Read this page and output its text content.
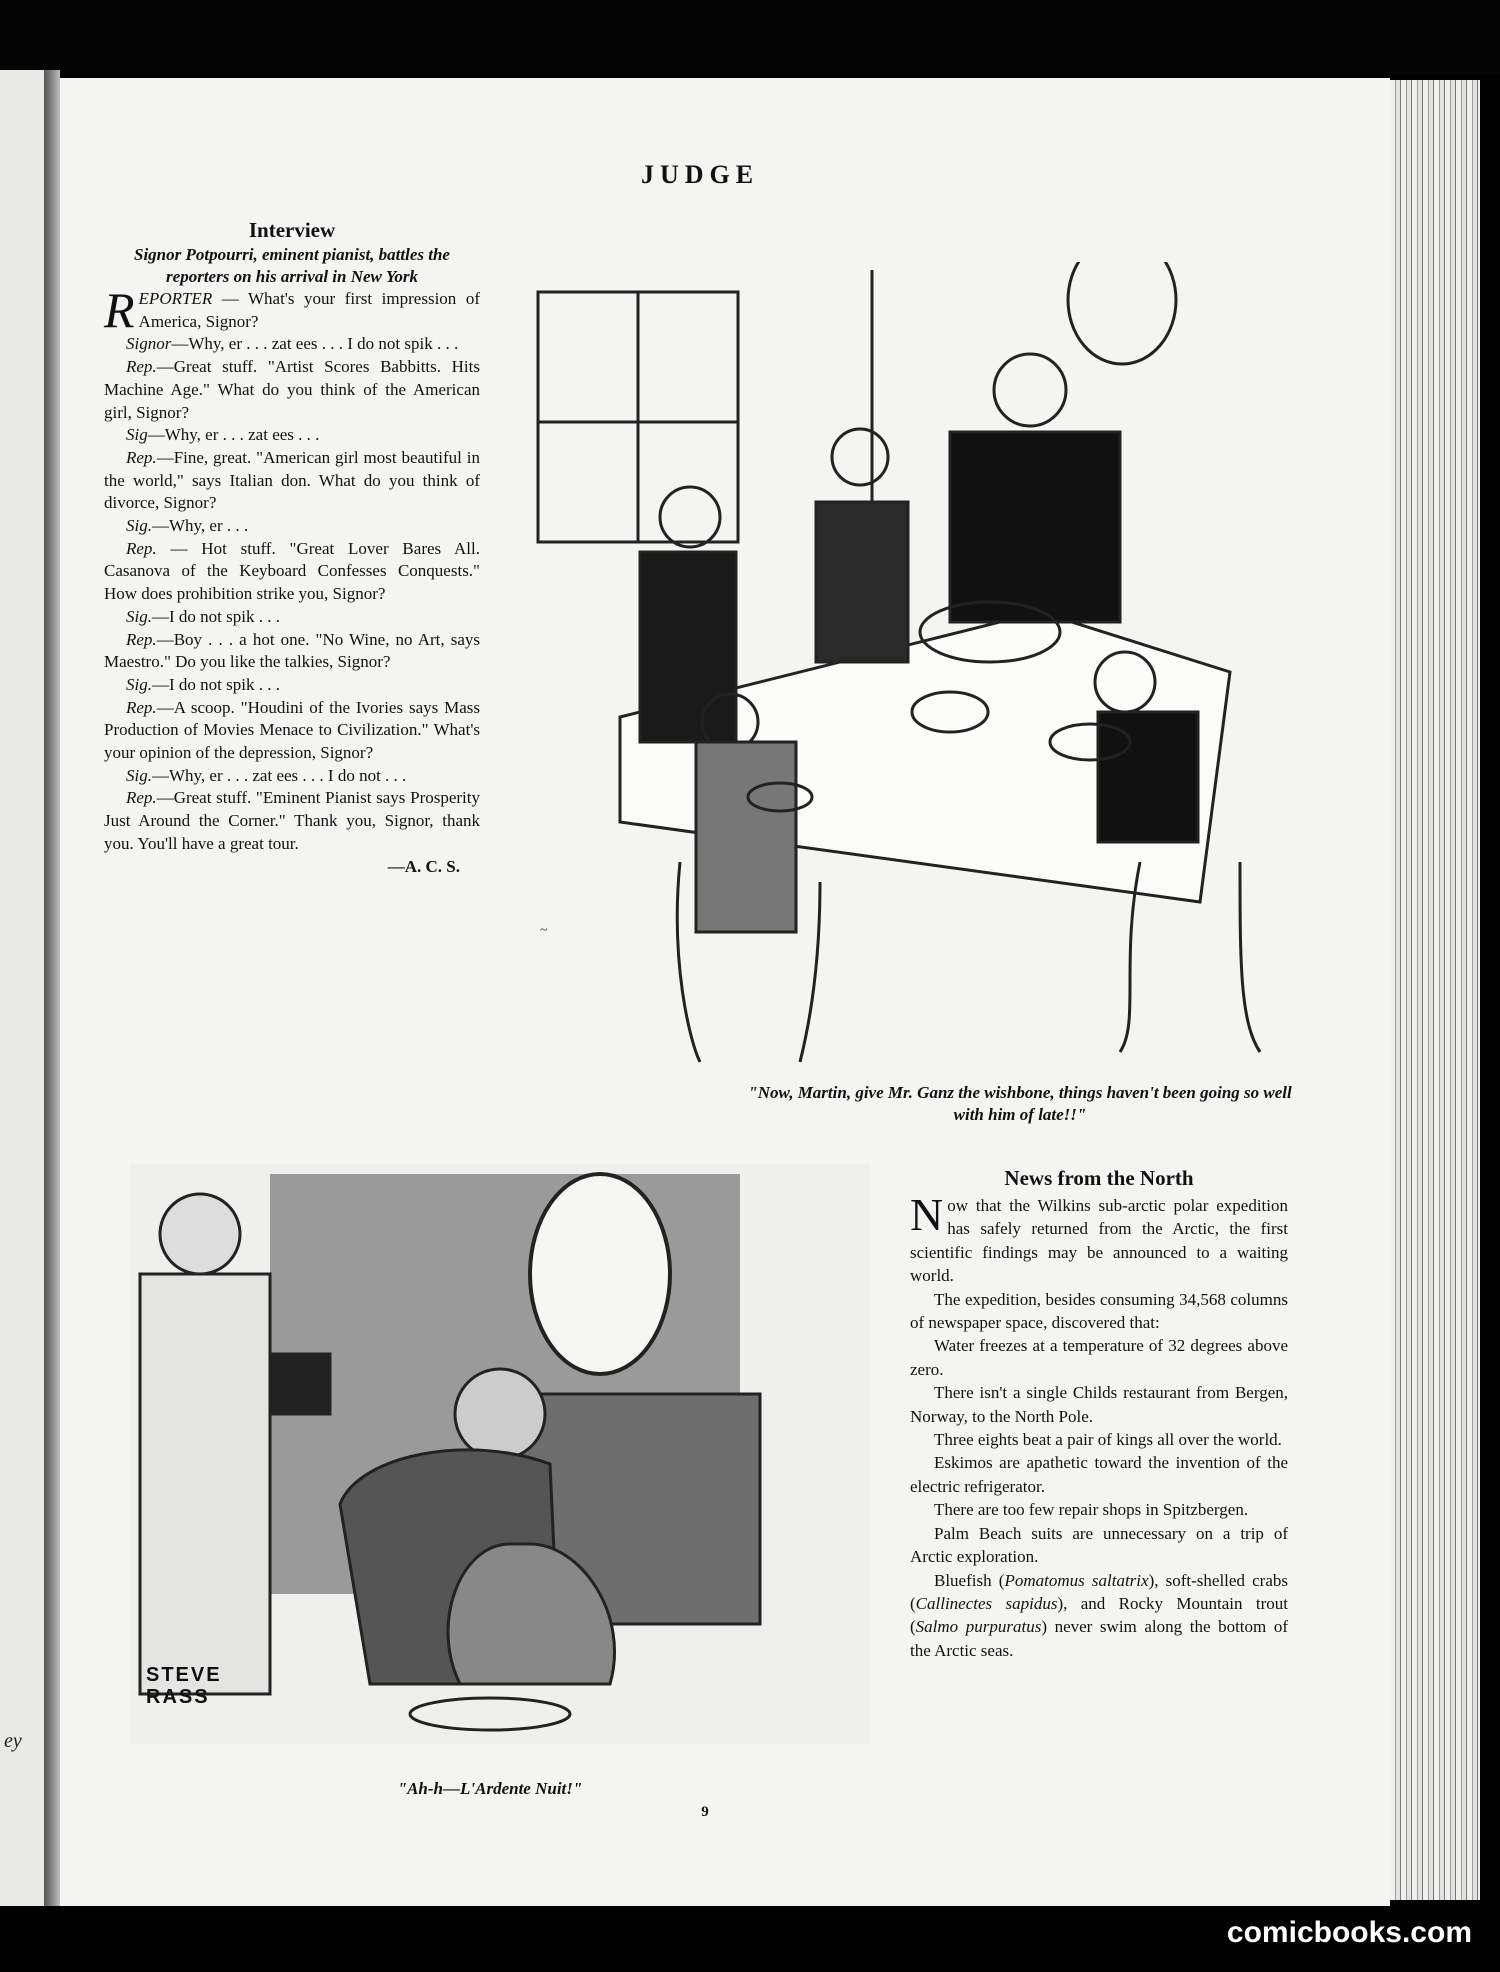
ey
JUDGE
Interview
Signor Potpourri, eminent pianist, battles the reporters on his arrival in New York

REPORTER — What's your first impression of America, Signor?

Signor—Why, er . . . zat ees . . . I do not spik . . .

Rep.—Great stuff. "Artist Scores Babbitts. Hits Machine Age." What do you think of the American girl, Signor?

Sig—Why, er . . . zat ees . . .

Rep.—Fine, great. "American girl most beautiful in the world," says Italian don. What do you think of divorce, Signor?

Sig.—Why, er . . .

Rep. — Hot stuff. "Great Lover Bares All. Casanova of the Keyboard Confesses Conquests." How does prohibition strike you, Signor?

Sig.—I do not spik . . .

Rep.—Boy . . . a hot one. "No Wine, no Art, says Maestro." Do you like the talkies, Signor?

Sig.—I do not spik . . .

Rep.—A scoop. "Houdini of the Ivories says Mass Production of Movies Menace to Civilization." What's your opinion of the depression, Signor?

Sig.—Why, er . . . zat ees . . . I do not . . .

Rep.—Great stuff. "Eminent Pianist says Prosperity Just Around the Corner." Thank you, Signor, thank you. You'll have a great tour.

—A. C. S.
~
"Now, Martin, give Mr. Ganz the wishbone, things haven't been going so well with him of late!!"
STEVE RASS
"Ah-h—L'Ardente Nuit!"
News from the North

Now that the Wilkins sub-arctic polar expedition has safely returned from the Arctic, the first scientific findings may be announced to a waiting world.

The expedition, besides consuming 34,568 columns of newspaper space, discovered that:

Water freezes at a temperature of 32 degrees above zero.

There isn't a single Childs restaurant from Bergen, Norway, to the North Pole.

Three eights beat a pair of kings all over the world.

Eskimos are apathetic toward the invention of the electric refrigerator.

There are too few repair shops in Spitzbergen.

Palm Beach suits are unnecessary on a trip of Arctic exploration.

Bluefish (Pomatomus saltatrix), soft-shelled crabs (Callinectes sapidus), and Rocky Mountain trout (Salmo purpuratus) never swim along the bottom of the Arctic seas.

9
comicbooks.com
